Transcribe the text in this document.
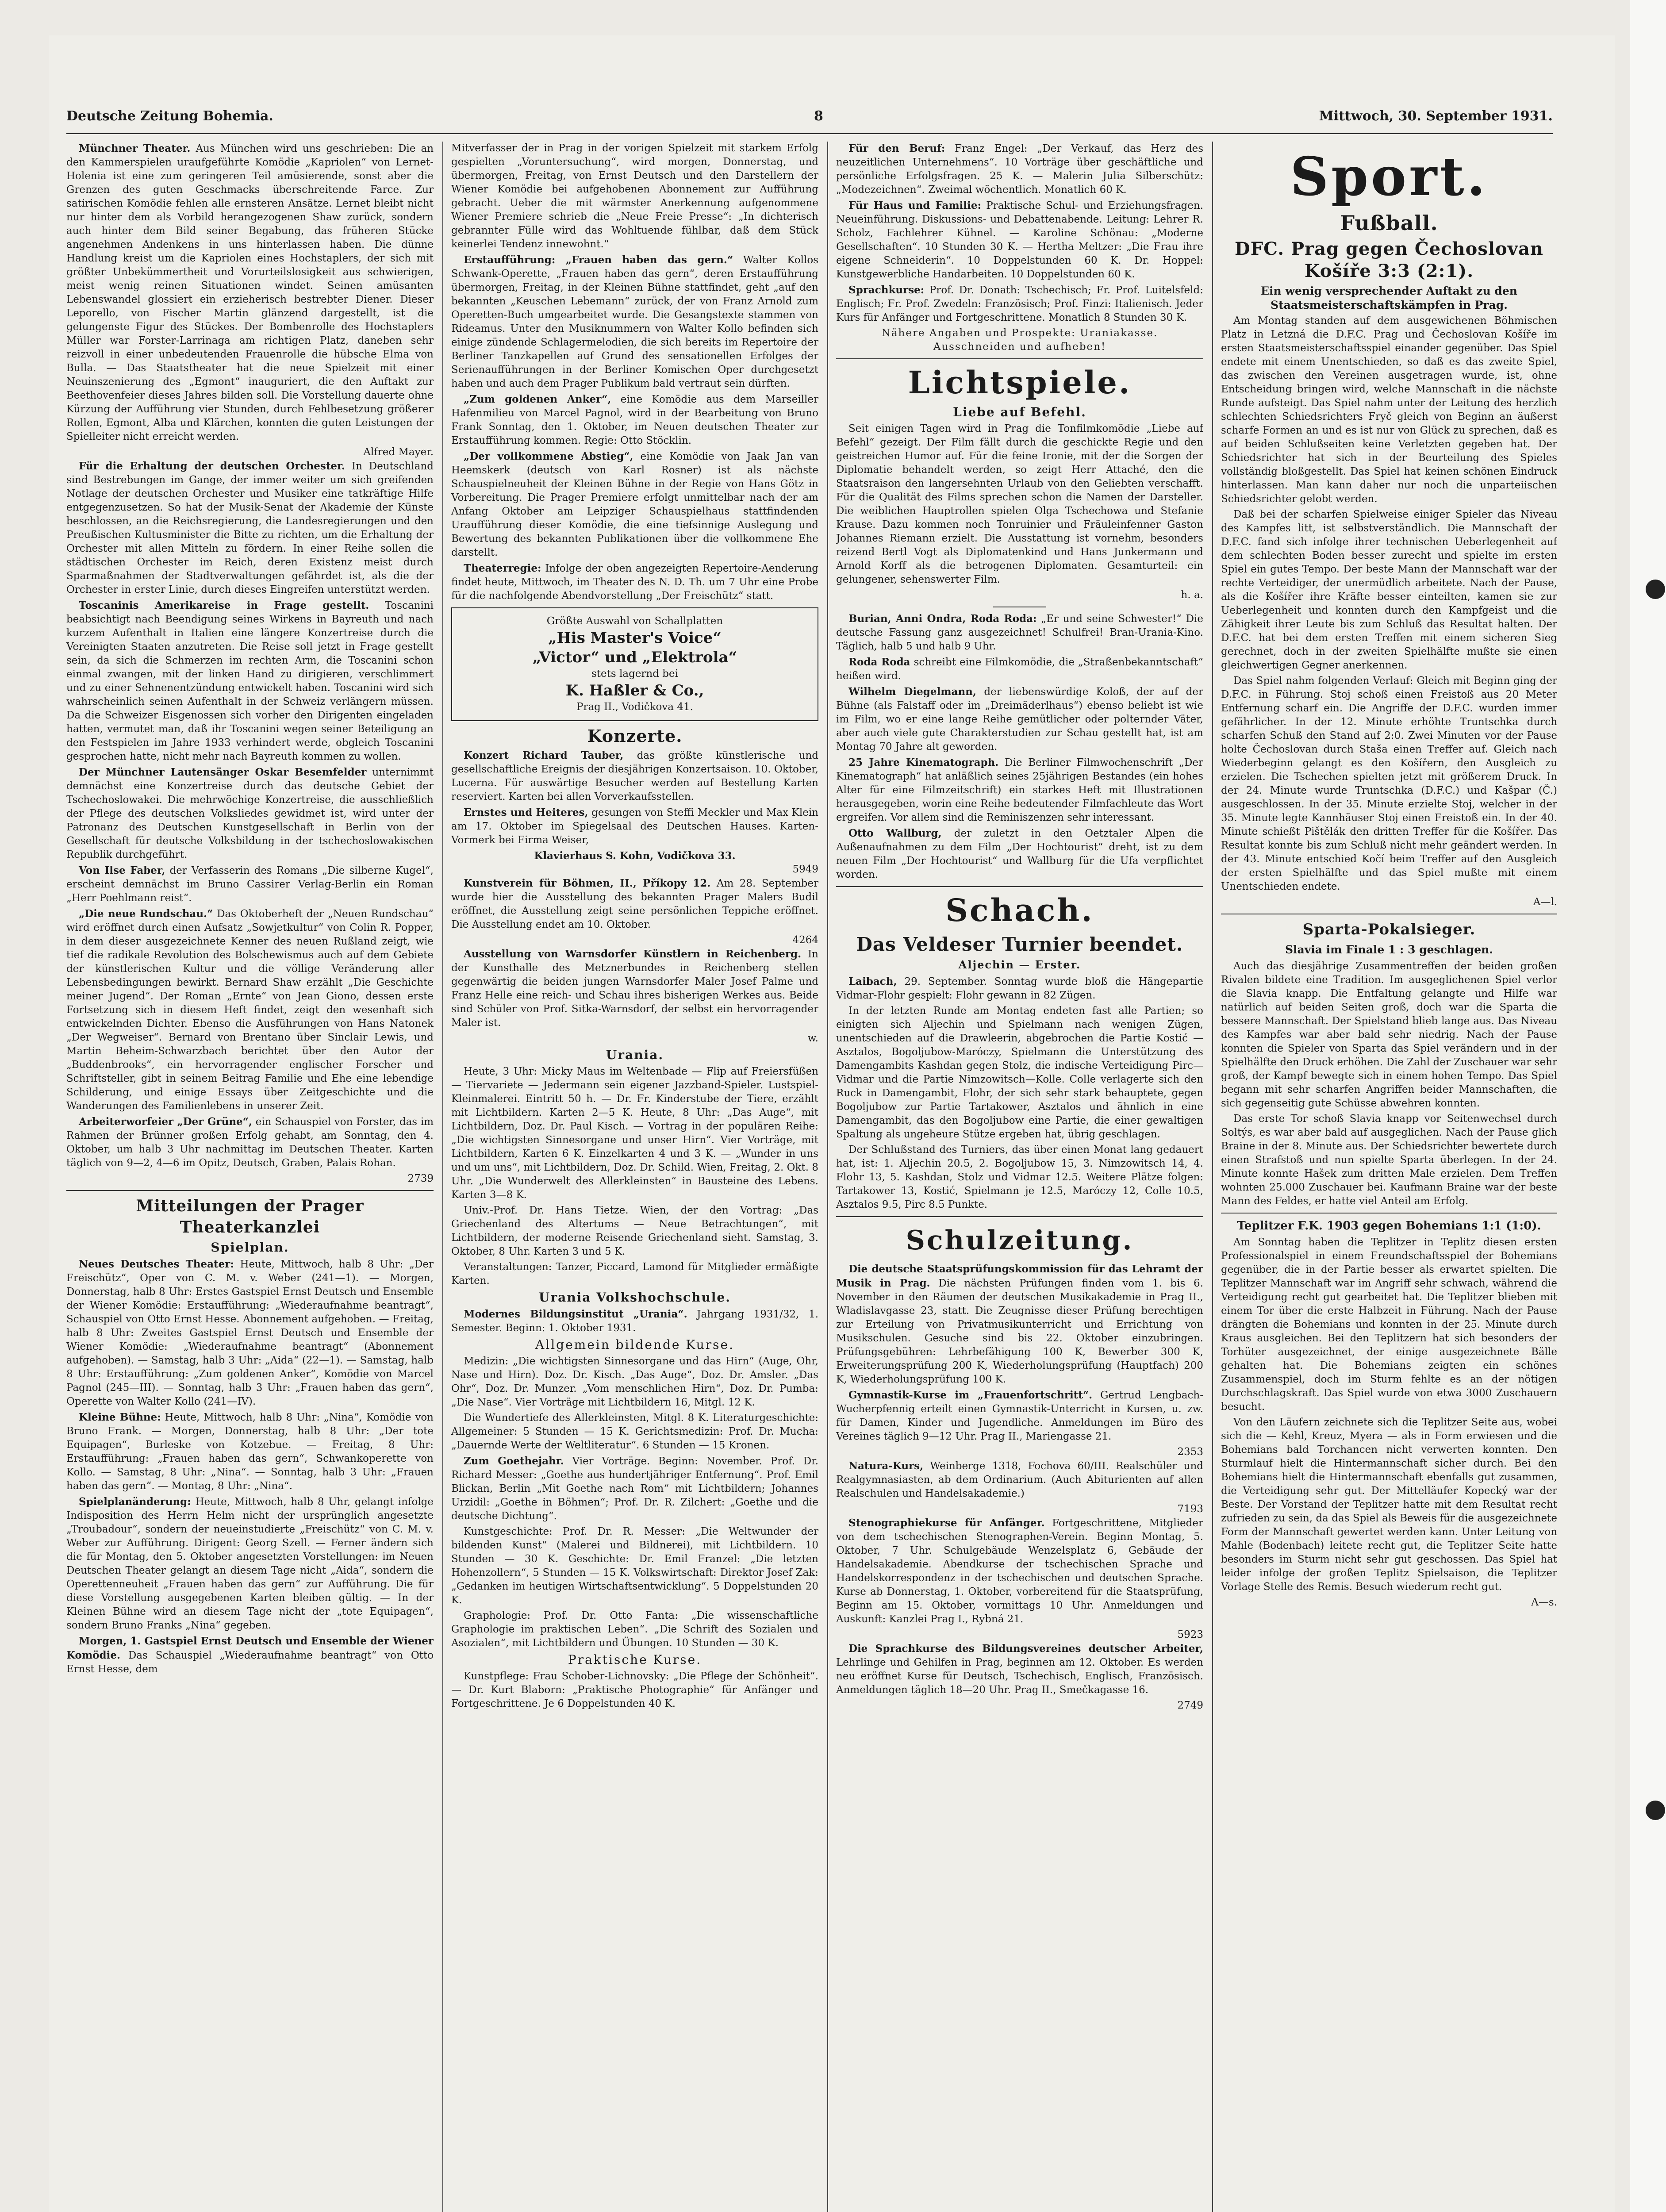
Deutsche Zeitung Bohemia.	8	Mittwoch, 30. September 1931.

Münchner Theater. Aus München wird uns geschrieben: Die an den Kammerspielen uraufgeführte Komödie „Kapriolen“ von Lernet-Holenia ist eine zum geringeren Teil amüsierende, sonst aber die Grenzen des guten Geschmacks überschreitende Farce. Zur satirischen Komödie fehlen alle ernsteren Ansätze. Lernet bleibt nicht nur hinter dem als Vorbild herangezogenen Shaw zurück, sondern auch hinter dem Bild seiner Begabung, das früheren Stücke angenehmen Andenkens in uns hinterlassen haben. Die dünne Handlung kreist um die Kapriolen eines Hochstaplers, der sich mit größter Unbekümmertheit und Vorurteilslosigkeit aus schwierigen, meist wenig reinen Situationen windet. Seinen amüsanten Lebenswandel glossiert ein erzieherisch bestrebter Diener. Dieser Leporello, von Fischer Martin glänzend dargestellt, ist die gelungenste Figur des Stückes. Der Bombenrolle des Hochstaplers Müller war Forster-Larrinaga am richtigen Platz, daneben sehr reizvoll in einer unbedeutenden Frauenrolle die hübsche Elma von Bulla. — Das Staatstheater hat die neue Spielzeit mit einer Neuinszenierung des „Egmont“ inauguriert, die den Auftakt zur Beethovenfeier dieses Jahres bilden soll. Die Vorstellung dauerte ohne Kürzung der Aufführung vier Stunden, durch Fehlbesetzung größerer Rollen, Egmont, Alba und Klärchen, konnten die guten Leistungen der Spielleiter nicht erreicht werden.

Alfred Mayer.

Für die Erhaltung der deutschen Orchester. In Deutschland sind Bestrebungen im Gange, der immer weiter um sich greifenden Notlage der deutschen Orchester und Musiker eine tatkräftige Hilfe entgegenzusetzen. So hat der Musik-Senat der Akademie der Künste beschlossen, an die Reichsregierung, die Landesregierungen und den Preußischen Kultusminister die Bitte zu richten, um die Erhaltung der Orchester mit allen Mitteln zu fördern. In einer Reihe sollen die städtischen Orchester im Reich, deren Existenz meist durch Sparmaßnahmen der Stadtverwaltungen gefährdet ist, als die der Orchester in erster Linie, durch dieses Eingreifen unterstützt werden.

Toscaninis Amerikareise in Frage gestellt. Toscanini beabsichtigt nach Beendigung seines Wirkens in Bayreuth und nach kurzem Aufenthalt in Italien eine längere Konzertreise durch die Vereinigten Staaten anzutreten. Die Reise soll jetzt in Frage gestellt sein, da sich die Schmerzen im rechten Arm, die Toscanini schon einmal zwangen, mit der linken Hand zu dirigieren, verschlimmert und zu einer Sehnenentzündung entwickelt haben. Toscanini wird sich wahrscheinlich seinen Aufenthalt in der Schweiz verlängern müssen. Da die Schweizer Eisgenossen sich vorher den Dirigenten eingeladen hatten, vermutet man, daß ihr Toscanini wegen seiner Beteiligung an den Festspielen im Jahre 1933 verhindert werde, obgleich Toscanini gesprochen hatte, nicht mehr nach Bayreuth kommen zu wollen.

Der Münchner Lautensänger Oskar Besemfelder unternimmt demnächst eine Konzertreise durch das deutsche Gebiet der Tschechoslowakei. Die mehrwöchige Konzertreise, die ausschließlich der Pflege des deutschen Volksliedes gewidmet ist, wird unter der Patronanz des Deutschen Kunstgesellschaft in Berlin von der Gesellschaft für deutsche Volksbildung in der tschechoslowakischen Republik durchgeführt.

Von Ilse Faber, der Verfasserin des Romans „Die silberne Kugel“, erscheint demnächst im Bruno Cassirer Verlag-Berlin ein Roman „Herr Poehlmann reist“.

„Die neue Rundschau.“ Das Oktoberheft der „Neuen Rundschau“ wird eröffnet durch einen Aufsatz „Sowjetkultur“ von Colin R. Popper, in dem dieser ausgezeichnete Kenner des neuen Rußland zeigt, wie tief die radikale Revolution des Bolschewismus auch auf dem Gebiete der künstlerischen Kultur und die völlige Veränderung aller Lebensbedingungen bewirkt. Bernard Shaw erzählt „Die Geschichte meiner Jugend“. Der Roman „Ernte“ von Jean Giono, dessen erste Fortsetzung sich in diesem Heft findet, zeigt den wesenhaft sich entwickelnden Dichter. Ebenso die Ausführungen von Hans Natonek „Der Wegweiser“. Bernard von Brentano über Sinclair Lewis, und Martin Beheim-Schwarzbach berichtet über den Autor der „Buddenbrooks“, ein hervorragender englischer Forscher und Schriftsteller, gibt in seinem Beitrag Familie und Ehe eine lebendige Schilderung, und einige Essays über Zeitgeschichte und die Wanderungen des Familienlebens in unserer Zeit.

Arbeiterworfeier „Der Grüne“, ein Schauspiel von Forster, das im Rahmen der Brünner großen Erfolg gehabt, am Sonntag, den 4. Oktober, um halb 3 Uhr nachmittag im Deutschen Theater. Karten täglich von 9—2, 4—6 im Opitz, Deutsch, Graben, Palais Rohan.

2739
Mitteilungen der Prager Theaterkanzlei
Spielplan.

Neues Deutsches Theater: Heute, Mittwoch, halb 8 Uhr: „Der Freischütz“, Oper von C. M. v. Weber (241—1). — Morgen, Donnerstag, halb 8 Uhr: Erstes Gastspiel Ernst Deutsch und Ensemble der Wiener Komödie: Erstaufführung: „Wiederaufnahme beantragt“, Schauspiel von Otto Ernst Hesse. Abonnement aufgehoben. — Freitag, halb 8 Uhr: Zweites Gastspiel Ernst Deutsch und Ensemble der Wiener Komödie: „Wiederaufnahme beantragt“ (Abonnement aufgehoben). — Samstag, halb 3 Uhr: „Aida“ (22—1). — Samstag, halb 8 Uhr: Erstaufführung: „Zum goldenen Anker“, Komödie von Marcel Pagnol (245—III). — Sonntag, halb 3 Uhr: „Frauen haben das gern“, Operette von Walter Kollo (241—IV).

Kleine Bühne: Heute, Mittwoch, halb 8 Uhr: „Nina“, Komödie von Bruno Frank. — Morgen, Donnerstag, halb 8 Uhr: „Der tote Equipagen“, Burleske von Kotzebue. — Freitag, 8 Uhr: Erstaufführung: „Frauen haben das gern“, Schwankoperette von Kollo. — Samstag, 8 Uhr: „Nina“. — Sonntag, halb 3 Uhr: „Frauen haben das gern“. — Montag, 8 Uhr: „Nina“.

Spielplanänderung: Heute, Mittwoch, halb 8 Uhr, gelangt infolge Indisposition des Herrn Helm nicht der ursprünglich angesetzte „Troubadour“, sondern der neueinstudierte „Freischütz“ von C. M. v. Weber zur Aufführung. Dirigent: Georg Szell. — Ferner ändern sich die für Montag, den 5. Oktober angesetzten Vorstellungen: im Neuen Deutschen Theater gelangt an diesem Tage nicht „Aida“, sondern die Operettenneuheit „Frauen haben das gern“ zur Aufführung. Die für diese Vorstellung ausgegebenen Karten bleiben gültig. — In der Kleinen Bühne wird an diesem Tage nicht der „tote Equipagen“, sondern Bruno Franks „Nina“ gegeben.

Morgen, 1. Gastspiel Ernst Deutsch und Ensemble der Wiener Komödie. Das Schauspiel „Wiederaufnahme beantragt“ von Otto Ernst Hesse, dem

Mitverfasser der in Prag in der vorigen Spielzeit mit starkem Erfolg gespielten „Voruntersuchung“, wird morgen, Donnerstag, und übermorgen, Freitag, von Ernst Deutsch und den Darstellern der Wiener Komödie bei aufgehobenen Abonnement zur Aufführung gebracht. Ueber die mit wärmster Anerkennung aufgenommene Wiener Premiere schrieb die „Neue Freie Presse“: „In dichterisch gebrannter Fülle wird das Wohltuende fühlbar, daß dem Stück keinerlei Tendenz innewohnt.“

Erstaufführung: „Frauen haben das gern.“ Walter Kollos Schwank-Operette, „Frauen haben das gern“, deren Erstaufführung übermorgen, Freitag, in der Kleinen Bühne stattfindet, geht „auf den bekannten „Keuschen Lebemann“ zurück, der von Franz Arnold zum Operetten-Buch umgearbeitet wurde. Die Gesangstexte stammen von Rideamus. Unter den Musiknummern von Walter Kollo befinden sich einige zündende Schlagermelodien, die sich bereits im Repertoire der Berliner Tanzkapellen auf Grund des sensationellen Erfolges der Serienaufführungen in der Berliner Komischen Oper durchgesetzt haben und auch dem Prager Publikum bald vertraut sein dürften.

„Zum goldenen Anker“, eine Komödie aus dem Marseiller Hafenmilieu von Marcel Pagnol, wird in der Bearbeitung von Bruno Frank Sonntag, den 1. Oktober, im Neuen deutschen Theater zur Erstaufführung kommen. Regie: Otto Stöcklin.

„Der vollkommene Abstieg“, eine Komödie von Jaak Jan van Heemskerk (deutsch von Karl Rosner) ist als nächste Schauspielneuheit der Kleinen Bühne in der Regie von Hans Götz in Vorbereitung. Die Prager Premiere erfolgt unmittelbar nach der am Anfang Oktober am Leipziger Schauspielhaus stattfindenden Uraufführung dieser Komödie, die eine tiefsinnige Auslegung und Bewertung des bekannten Publikationen über die vollkommene Ehe darstellt.

Theaterregie: Infolge der oben angezeigten Repertoire-Aenderung findet heute, Mittwoch, im Theater des N. D. Th. um 7 Uhr eine Probe für die nachfolgende Abendvorstellung „Der Freischütz“ statt.

Größte Auswahl von Schallplatten
„His Master's Voice“
„Victor“ und „Elektrola“
stets lagernd bei
K. Haßler & Co.,
Prag II., Vodičkova 41.
Konzerte.

Konzert Richard Tauber, das größte künstlerische und gesellschaftliche Ereignis der diesjährigen Konzertsaison. 10. Oktober, Lucerna. Für auswärtige Besucher werden auf Bestellung Karten reserviert. Karten bei allen Vorverkaufsstellen.

Ernstes und Heiteres, gesungen von Steffi Meckler und Max Klein am 17. Oktober im Spiegelsaal des Deutschen Hauses. Karten-Vormerk bei Firma Weiser,

Klavierhaus S. Kohn, Vodičkova 33.
5949

Kunstverein für Böhmen, II., Příkopy 12. Am 28. September wurde hier die Ausstellung des bekannten Prager Malers Budil eröffnet, die Ausstellung zeigt seine persönlichen Teppiche eröffnet. Die Ausstellung endet am 10. Oktober.

4264

Ausstellung von Warnsdorfer Künstlern in Reichenberg. In der Kunsthalle des Metznerbundes in Reichenberg stellen gegenwärtig die beiden jungen Warnsdorfer Maler Josef Palme und Franz Helle eine reich- und Schau ihres bisherigen Werkes aus. Beide sind Schüler von Prof. Sitka-Warnsdorf, der selbst ein hervorragender Maler ist.

w.
Urania.

Heute, 3 Uhr: Micky Maus im Weltenbade — Flip auf Freiersfüßen — Tiervariete — Jedermann sein eigener Jazzband-Spieler. Lustspiel-Kleinmalerei. Eintritt 50 h. — Dr. Fr. Kinderstube der Tiere, erzählt mit Lichtbildern. Karten 2—5 K. Heute, 8 Uhr: „Das Auge“, mit Lichtbildern, Doz. Dr. Paul Kisch. — Vortrag in der populären Reihe: „Die wichtigsten Sinnesorgane und unser Hirn“. Vier Vorträge, mit Lichtbildern, Karten 6 K. Einzelkarten 4 und 3 K. — „Wunder in uns und um uns“, mit Lichtbildern, Doz. Dr. Schild. Wien, Freitag, 2. Okt. 8 Uhr. „Die Wunderwelt des Allerkleinsten“ in Bausteine des Lebens. Karten 3—8 K.

Univ.-Prof. Dr. Hans Tietze. Wien, der den Vortrag: „Das Griechenland des Altertums — Neue Betrachtungen“, mit Lichtbildern, der moderne Reisende Griechenland sieht. Samstag, 3. Oktober, 8 Uhr. Karten 3 und 5 K.

Veranstaltungen: Tanzer, Piccard, Lamond für Mitglieder ermäßigte Karten.

Urania Volkshochschule.

Modernes Bildungsinstitut „Urania“. Jahrgang 1931/32, 1. Semester. Beginn: 1. Oktober 1931.

Allgemein bildende Kurse.

Medizin: „Die wichtigsten Sinnesorgane und das Hirn“ (Auge, Ohr, Nase und Hirn). Doz. Dr. Kisch. „Das Auge“, Doz. Dr. Amsler. „Das Ohr“, Doz. Dr. Munzer. „Vom menschlichen Hirn“, Doz. Dr. Pumba: „Die Nase“. Vier Vorträge mit Lichtbildern 16, Mitgl. 12 K.

Die Wundertiefe des Allerkleinsten, Mitgl. 8 K. Literaturgeschichte: Allgemeiner: 5 Stunden — 15 K. Gerichtsmedizin: Prof. Dr. Mucha: „Dauernde Werte der Weltliteratur“. 6 Stunden — 15 Kronen.

Zum Goethejahr. Vier Vorträge. Beginn: November. Prof. Dr. Richard Messer: „Goethe aus hundertjähriger Entfernung“. Prof. Emil Blickan, Berlin „Mit Goethe nach Rom“ mit Lichtbildern; Johannes Urzidil: „Goethe in Böhmen“; Prof. Dr. R. Zilchert: „Goethe und die deutsche Dichtung“.

Kunstgeschichte: Prof. Dr. R. Messer: „Die Weltwunder der bildenden Kunst“ (Malerei und Bildnerei), mit Lichtbildern. 10 Stunden — 30 K. Geschichte: Dr. Emil Franzel: „Die letzten Hohenzollern“, 5 Stunden — 15 K. Volkswirtschaft: Direktor Josef Zak: „Gedanken im heutigen Wirtschaftsentwicklung“. 5 Doppelstunden 20 K.

Graphologie: Prof. Dr. Otto Fanta: „Die wissenschaftliche Graphologie im praktischen Leben“. „Die Schrift des Sozialen und Asozialen“, mit Lichtbildern und Übungen. 10 Stunden — 30 K.

Praktische Kurse.

Kunstpflege: Frau Schober-Lichnovsky: „Die Pflege der Schönheit“. — Dr. Kurt Blaborn: „Praktische Photographie“ für Anfänger und Fortgeschrittene. Je 6 Doppelstunden 40 K.

Für den Beruf: Franz Engel: „Der Verkauf, das Herz des neuzeitlichen Unternehmens“. 10 Vorträge über geschäftliche und persönliche Erfolgsfragen. 25 K. — Malerin Julia Silberschütz: „Modezeichnen“. Zweimal wöchentlich. Monatlich 60 K.

Für Haus und Familie: Praktische Schul- und Erziehungsfragen. Neueinführung. Diskussions- und Debattenabende. Leitung: Lehrer R. Scholz, Fachlehrer Kühnel. — Karoline Schönau: „Moderne Gesellschaften“. 10 Stunden 30 K. — Hertha Meltzer: „Die Frau ihre eigene Schneiderin“. 10 Doppelstunden 60 K. Dr. Hoppel: Kunstgewerbliche Handarbeiten. 10 Doppelstunden 60 K.

Sprachkurse: Prof. Dr. Donath: Tschechisch; Fr. Prof. Luitelsfeld: Englisch; Fr. Prof. Zwedeln: Französisch; Prof. Finzi: Italienisch. Jeder Kurs für Anfänger und Fortgeschrittene. Monatlich 8 Stunden 30 K.

Nähere Angaben und Prospekte: Uraniakasse.
Ausschneiden und aufheben!
Lichtspiele.
Liebe auf Befehl.

Seit einigen Tagen wird in Prag die Tonfilmkomödie „Liebe auf Befehl“ gezeigt. Der Film fällt durch die geschickte Regie und den geistreichen Humor auf. Für die feine Ironie, mit der die Sorgen der Diplomatie behandelt werden, so zeigt Herr Attaché, den die Staatsraison den langersehnten Urlaub von den Geliebten verschafft. Für die Qualität des Films sprechen schon die Namen der Darsteller. Die weiblichen Hauptrollen spielen Olga Tschechowa und Stefanie Krause. Dazu kommen noch Tonruinier und Fräuleinfenner Gaston Johannes Riemann erzielt. Die Ausstattung ist vornehm, besonders reizend Bertl Vogt als Diplomatenkind und Hans Junkermann und Arnold Korff als die betrogenen Diplomaten. Gesamturteil: ein gelungener, sehenswerter Film.

h. a.

Burian, Anni Ondra, Roda Roda: „Er und seine Schwester!“ Die deutsche Fassung ganz ausgezeichnet! Schulfrei! Bran-Urania-Kino. Täglich, halb 5 und halb 9 Uhr.

Roda Roda schreibt eine Filmkomödie, die „Straßenbekanntschaft“ heißen wird.

Wilhelm Diegelmann, der liebenswürdige Koloß, der auf der Bühne (als Falstaff oder im „Dreimäderlhaus“) ebenso beliebt ist wie im Film, wo er eine lange Reihe gemütlicher oder polternder Väter, aber auch viele gute Charakterstudien zur Schau gestellt hat, ist am Montag 70 Jahre alt geworden.

25 Jahre Kinematograph. Die Berliner Filmwochenschrift „Der Kinematograph“ hat anläßlich seines 25jährigen Bestandes (ein hohes Alter für eine Filmzeitschrift) ein starkes Heft mit Illustrationen herausgegeben, worin eine Reihe bedeutender Filmfachleute das Wort ergreifen. Vor allem sind die Reminiszenzen sehr interessant.

Otto Wallburg, der zuletzt in den Oetztaler Alpen die Außenaufnahmen zu dem Film „Der Hochtourist“ dreht, ist zu dem neuen Film „Der Hochtourist“ und Wallburg für die Ufa verpflichtet worden.

Schach.
Das Veldeser Turnier beendet.
Aljechin — Erster.

Laibach, 29. September. Sonntag wurde bloß die Hängepartie Vidmar-Flohr gespielt: Flohr gewann in 82 Zügen.

In der letzten Runde am Montag endeten fast alle Partien; so einigten sich Aljechin und Spielmann nach wenigen Zügen, unentschieden auf die Drawleerin, abgebrochen die Partie Kostić — Asztalos, Bogoljubow-Maróczy, Spielmann die Unterstützung des Damengambits Kashdan gegen Stolz, die indische Verteidigung Pirc—Vidmar und die Partie Nimzowitsch—Kolle. Colle verlagerte sich den Ruck in Damengambit, Flohr, der sich sehr stark behauptete, gegen Bogoljubow zur Partie Tartakower, Asztalos und ähnlich in eine Damengambit, das den Bogoljubow eine Partie, die einer gewaltigen Spaltung als ungeheure Stütze ergeben hat, übrig geschlagen.

Der Schlußstand des Turniers, das über einen Monat lang gedauert hat, ist: 1. Aljechin 20.5, 2. Bogoljubow 15, 3. Nimzowitsch 14, 4. Flohr 13, 5. Kashdan, Stolz und Vidmar 12.5. Weitere Plätze folgen: Tartakower 13, Kostić, Spielmann je 12.5, Maróczy 12, Colle 10.5, Asztalos 9.5, Pirc 8.5 Punkte.

Schulzeitung.

Die deutsche Staatsprüfungskommission für das Lehramt der Musik in Prag. Die nächsten Prüfungen finden vom 1. bis 6. November in den Räumen der deutschen Musikakademie in Prag II., Wladislavgasse 23, statt. Die Zeugnisse dieser Prüfung berechtigen zur Erteilung von Privatmusikunterricht und Errichtung von Musikschulen. Gesuche sind bis 22. Oktober einzubringen. Prüfungsgebühren: Lehrbefähigung 100 K, Bewerber 300 K, Erweiterungsprüfung 200 K, Wiederholungsprüfung (Hauptfach) 200 K, Wiederholungsprüfung 100 K.

Gymnastik-Kurse im „Frauenfortschritt“. Gertrud Lengbach-Wucherpfennig erteilt einen Gymnastik-Unterricht in Kursen, u. zw. für Damen, Kinder und Jugendliche. Anmeldungen im Büro des Vereines täglich 9—12 Uhr. Prag II., Mariengasse 21.

2353

Natura-Kurs, Weinberge 1318, Fochova 60/III. Realschüler und Realgymnasiasten, ab dem Ordinarium. (Auch Abiturienten auf allen Realschulen und Handelsakademie.)

7193

Stenographiekurse für Anfänger. Fortgeschrittene, Mitglieder von dem tschechischen Stenographen-Verein. Beginn Montag, 5. Oktober, 7 Uhr. Schulgebäude Wenzelsplatz 6, Gebäude der Handelsakademie. Abendkurse der tschechischen Sprache und Handelskorrespondenz in der tschechischen und deutschen Sprache. Kurse ab Donnerstag, 1. Oktober, vorbereitend für die Staatsprüfung, Beginn am 15. Oktober, vormittags 10 Uhr. Anmeldungen und Auskunft: Kanzlei Prag I., Rybná 21.

5923

Die Sprachkurse des Bildungsvereines deutscher Arbeiter, Lehrlinge und Gehilfen in Prag, beginnen am 12. Oktober. Es werden neu eröffnet Kurse für Deutsch, Tschechisch, Englisch, Französisch. Anmeldungen täglich 18—20 Uhr. Prag II., Smečkagasse 16.

2749
Sport.
Fußball.
DFC. Prag gegen Čechoslovan Košíře 3:3 (2:1).
Ein wenig versprechender Auftakt zu den Staatsmeisterschaftskämpfen in Prag.

Am Montag standen auf dem ausgewichenen Böhmischen Platz in Letzná die D.F.C. Prag und Čechoslovan Košíře im ersten Staatsmeisterschaftsspiel einander gegenüber. Das Spiel endete mit einem Unentschieden, so daß es das zweite Spiel, das zwischen den Vereinen ausgetragen wurde, ist, ohne Entscheidung bringen wird, welche Mannschaft in die nächste Runde aufsteigt. Das Spiel nahm unter der Leitung des herzlich schlechten Schiedsrichters Fryč gleich von Beginn an äußerst scharfe Formen an und es ist nur von Glück zu sprechen, daß es auf beiden Schlußseiten keine Verletzten gegeben hat. Der Schiedsrichter hat sich in der Beurteilung des Spieles vollständig bloßgestellt. Das Spiel hat keinen schönen Eindruck hinterlassen. Man kann daher nur noch die unparteiischen Schiedsrichter gelobt werden.

Daß bei der scharfen Spielweise einiger Spieler das Niveau des Kampfes litt, ist selbstverständlich. Die Mannschaft der D.F.C. fand sich infolge ihrer technischen Ueberlegenheit auf dem schlechten Boden besser zurecht und spielte im ersten Spiel ein gutes Tempo. Der beste Mann der Mannschaft war der rechte Verteidiger, der unermüdlich arbeitete. Nach der Pause, als die Košířer ihre Kräfte besser einteilten, kamen sie zur Ueberlegenheit und konnten durch den Kampfgeist und die Zähigkeit ihrer Leute bis zum Schluß das Resultat halten. Der D.F.C. hat bei dem ersten Treffen mit einem sicheren Sieg gerechnet, doch in der zweiten Spielhälfte mußte sie einen gleichwertigen Gegner anerkennen.

Das Spiel nahm folgenden Verlauf: Gleich mit Beginn ging der D.F.C. in Führung. Stoj schoß einen Freistoß aus 20 Meter Entfernung scharf ein. Die Angriffe der D.F.C. wurden immer gefährlicher. In der 12. Minute erhöhte Truntschka durch scharfen Schuß den Stand auf 2:0. Zwei Minuten vor der Pause holte Čechoslovan durch Staša einen Treffer auf. Gleich nach Wiederbeginn gelangt es den Košířern, den Ausgleich zu erzielen. Die Tschechen spielten jetzt mit größerem Druck. In der 24. Minute wurde Truntschka (D.F.C.) und Kašpar (Č.) ausgeschlossen. In der 35. Minute erzielte Stoj, welcher in der 35. Minute legte Kannhäuser Stoj einen Freistoß ein. In der 40. Minute schießt Pištělák den dritten Treffer für die Košířer. Das Resultat konnte bis zum Schluß nicht mehr geändert werden. In der 43. Minute entschied Kočí beim Treffer auf den Ausgleich der ersten Spielhälfte und das Spiel mußte mit einem Unentschieden endete.

A—l.
Sparta-Pokalsieger.
Slavia im Finale 1 : 3 geschlagen.

Auch das diesjährige Zusammentreffen der beiden großen Rivalen bildete eine Tradition. Im ausgeglichenen Spiel verlor die Slavia knapp. Die Entfaltung gelangte und Hilfe war natürlich auf beiden Seiten groß, doch war die Sparta die bessere Mannschaft. Der Spielstand blieb lange aus. Das Niveau des Kampfes war aber bald sehr niedrig. Nach der Pause konnten die Spieler von Sparta das Spiel verändern und in der Spielhälfte den Druck erhöhen. Die Zahl der Zuschauer war sehr groß, der Kampf bewegte sich in einem hohen Tempo. Das Spiel begann mit sehr scharfen Angriffen beider Mannschaften, die sich gegenseitig gute Schüsse abwehren konnten.

Das erste Tor schoß Slavia knapp vor Seitenwechsel durch Soltýs, es war aber bald auf ausgeglichen. Nach der Pause glich Braine in der 8. Minute aus. Der Schiedsrichter bewertete durch einen Strafstoß und nun spielte Sparta überlegen. In der 24. Minute konnte Hašek zum dritten Male erzielen. Dem Treffen wohnten 25.000 Zuschauer bei. Kaufmann Braine war der beste Mann des Feldes, er hatte viel Anteil am Erfolg.

Teplitzer F.K. 1903 gegen Bohemians 1:1 (1:0).

Am Sonntag haben die Teplitzer in Teplitz diesen ersten Professionalspiel in einem Freundschaftsspiel der Bohemians gegenüber, die in der Partie besser als erwartet spielten. Die Teplitzer Mannschaft war im Angriff sehr schwach, während die Verteidigung recht gut gearbeitet hat. Die Teplitzer blieben mit einem Tor über die erste Halbzeit in Führung. Nach der Pause drängten die Bohemians und konnten in der 25. Minute durch Kraus ausgleichen. Bei den Teplitzern hat sich besonders der Torhüter ausgezeichnet, der einige ausgezeichnete Bälle gehalten hat. Die Bohemians zeigten ein schönes Zusammenspiel, doch im Sturm fehlte es an der nötigen Durchschlagskraft. Das Spiel wurde von etwa 3000 Zuschauern besucht.

Von den Läufern zeichnete sich die Teplitzer Seite aus, wobei sich die — Kehl, Kreuz, Myera — als in Form erwiesen und die Bohemians bald Torchancen nicht verwerten konnten. Den Sturmlauf hielt die Hintermannschaft sicher durch. Bei den Bohemians hielt die Hintermannschaft ebenfalls gut zusammen, die Verteidigung sehr gut. Der Mittelläufer Kopecký war der Beste. Der Vorstand der Teplitzer hatte mit dem Resultat recht zufrieden zu sein, da das Spiel als Beweis für die ausgezeichnete Form der Mannschaft gewertet werden kann. Unter Leitung von Mahle (Bodenbach) leitete recht gut, die Teplitzer Seite hatte besonders im Sturm nicht sehr gut geschossen. Das Spiel hat leider infolge der großen Teplitz Spielsaison, die Teplitzer Vorlage Stelle des Remis. Besuch wiederum recht gut.

A—s.
